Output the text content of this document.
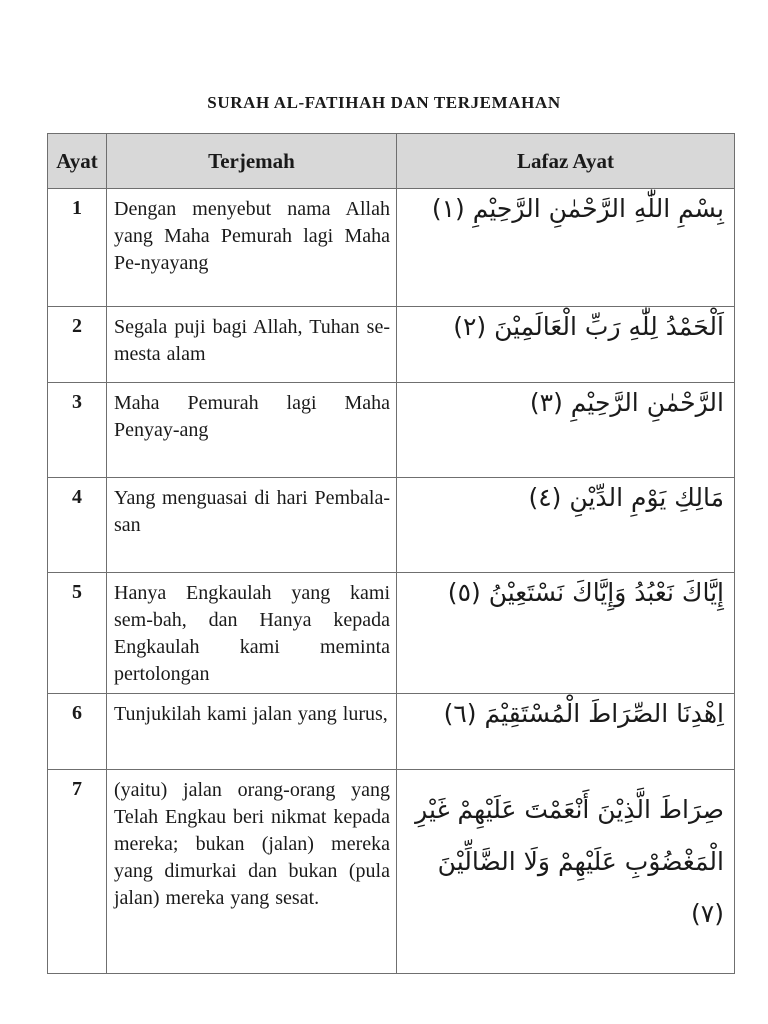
SURAH AL-FATIHAH DAN TERJEMAHAN
Ayat	Terjemah	Lafaz Ayat
1	Dengan menyebut nama Allah yang Maha Pemurah lagi Maha Pe-nyayang	بِسْمِ اللّٰهِ الرَّحْمٰنِ الرَّحِيْمِ (١)
2	Segala puji bagi Allah, Tuhan se-mesta alam	اَلْحَمْدُ لِلّٰهِ رَبِّ الْعَالَمِيْنَ (٢)
3	Maha Pemurah lagi Maha Penyay-ang	الرَّحْمٰنِ الرَّحِيْمِ (٣)
4	Yang menguasai di hari Pembala-san	مَالِكِ يَوْمِ الدِّيْنِ (٤)
5	Hanya Engkaulah yang kami sem-bah, dan Hanya kepada Engkaulah kami meminta pertolongan	إِيَّاكَ نَعْبُدُ وَإِيَّاكَ نَسْتَعِيْنُ (٥)
6	Tunjukilah kami jalan yang lurus,	اِهْدِنَا الصِّرَاطَ الْمُسْتَقِيْمَ (٦)
7	(yaitu) jalan orang-orang yang Telah Engkau beri nikmat kepada mereka; bukan (jalan) mereka yang dimurkai dan bukan (pula jalan) mereka yang sesat.	صِرَاطَ الَّذِيْنَ أَنْعَمْتَ عَلَيْهِمْ غَيْرِ الْمَغْضُوْبِ عَلَيْهِمْ وَلَا الضَّالِّيْنَ (٧)
